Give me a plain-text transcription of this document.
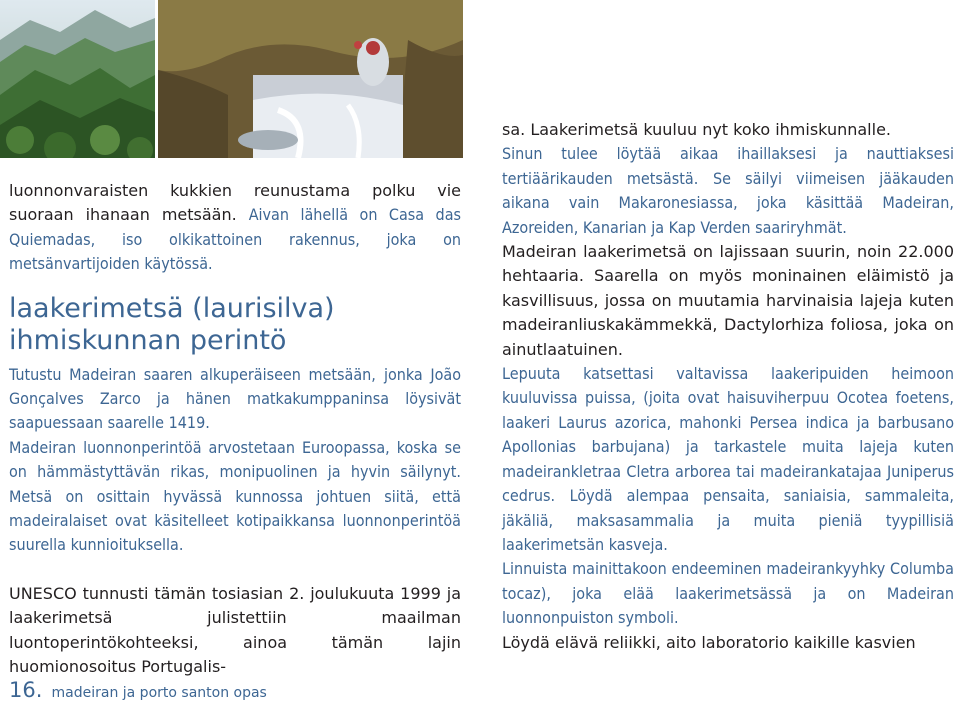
luonnonvaraisten kukkien reunustama polku vie suoraan ihanaan metsään. Aivan lähellä on Casa das Quiemadas, iso olkikattoinen rakennus, joka on metsänvartijoiden käytössä.

laakerimetsä (laurisilva)
ihmiskunnan perintö

Tutustu Madeiran saaren alkuperäiseen metsään, jonka João Gonçalves Zarco ja hänen matkakumppaninsa löysivät saapuessaan saarelle 1419.

Madeiran luonnonperintöä arvostetaan Euroopassa, koska se on hämmästyttävän rikas, monipuolinen ja hyvin säilynyt. Metsä on osittain hyvässä kunnossa johtuen siitä, että madeiralaiset ovat käsitelleet kotipaikkansa luonnonperintöä suurella kunnioituksella.

UNESCO tunnusti tämän tosiasian 2. joulukuuta 1999 ja laakerimetsä julistettiin maailman luontoperintökohteeksi, ainoa tämän lajin huomionosoitus Portugalis-

sa. Laakerimetsä kuuluu nyt koko ihmiskunnalle.

Sinun tulee löytää aikaa ihaillaksesi ja nauttiaksesi tertiäärikauden metsästä. Se säilyi viimeisen jääkauden aikana vain Makaronesiassa, joka käsittää Madeiran, Azoreiden, Kanarian ja Kap Verden saariryhmät.

Madeiran laakerimetsä on lajissaan suurin, noin 22.000 hehtaaria. Saarella on myös moninainen eläimistö ja kasvillisuus, jossa on muutamia harvinaisia lajeja kuten madeiranliuskakämmekkä, Dactylorhiza foliosa, joka on ainutlaatuinen.

Lepuuta katsettasi valtavissa laakeripuiden heimoon kuuluvissa puissa, (joita ovat haisuviherpuu Ocotea foetens, laakeri Laurus azorica, mahonki Persea indica ja barbusano Apollonias barbujana) ja tarkastele muita lajeja kuten madeirankletraa Cletra arborea tai madeirankatajaa Juniperus cedrus. Löydä alempaa pensaita, saniaisia, sammaleita, jäkäliä, maksasammalia ja muita pieniä tyypillisiä laakerimetsän kasveja.

Linnuista mainittakoon endeeminen madeirankyyhky Columba tocaz), joka elää laakerimetsässä ja on Madeiran luonnonpuiston symboli.

Löydä elävä reliikki, aito laboratorio kaikille kasvien

16. madeiran ja porto santon opas
